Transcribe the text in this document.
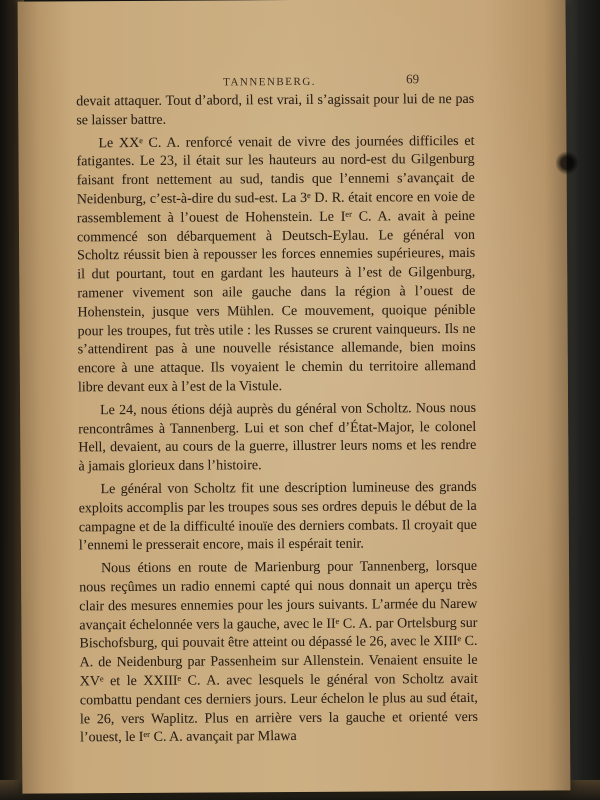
TANNENBERG.	69

devait attaquer. Tout d’abord, il est vrai, il s’agissait pour lui de ne pas se laisser battre.

Le XXᵉ C. A. renforcé venait de vivre des journées difficiles et fatigantes. Le 23, il était sur les hauteurs au nord-est du Gilgenburg faisant front nettement au sud, tandis que l’ennemi s’avançait de Neidenburg, c’est-à-dire du sud-est. La 3ᵉ D. R. était encore en voie de rassemblement à l’ouest de Hohenstein. Le Iᵉʳ C. A. avait à peine commencé son débarquement à Deutsch-Eylau. Le général von Scholtz réussit bien à repousser les forces ennemies supérieures, mais il dut pourtant, tout en gardant les hauteurs à l’est de Gilgenburg, ramener vivement son aile gauche dans la région à l’ouest de Hohenstein, jusque vers Mühlen. Ce mouvement, quoique pénible pour les troupes, fut très utile : les Russes se crurent vainqueurs. Ils ne s’attendirent pas à une nouvelle résistance allemande, bien moins encore à une attaque. Ils voyaient le chemin du territoire allemand libre devant eux à l’est de la Vistule.

Le 24, nous étions déjà auprès du général von Scholtz. Nous nous rencontrâmes à Tannenberg. Lui et son chef d’État-Major, le colonel Hell, devaient, au cours de la guerre, illustrer leurs noms et les rendre à jamais glorieux dans l’histoire.

Le général von Scholtz fit une description lumineuse des grands exploits accomplis par les troupes sous ses ordres depuis le début de la campagne et de la difficulté inouïe des derniers combats. Il croyait que l’ennemi le presserait encore, mais il espérait tenir.

Nous étions en route de Marienburg pour Tannenberg, lorsque nous reçûmes un radio ennemi capté qui nous donnait un aperçu très clair des mesures ennemies pour les jours suivants. L’armée du Narew avançait échelonnée vers la gauche, avec le IIᵉ C. A. par Ortelsburg sur Bischofsburg, qui pouvait être atteint ou dépassé le 26, avec le XIIIᵉ C. A. de Neidenburg par Passenheim sur Allenstein. Venaient ensuite le XVᵉ et le XXIIIᵉ C. A. avec lesquels le général von Scholtz avait combattu pendant ces derniers jours. Leur échelon le plus au sud était, le 26, vers Waplitz. Plus en arrière vers la gauche et orienté vers l’ouest, le Iᵉʳ C. A. avançait par Mlawa
